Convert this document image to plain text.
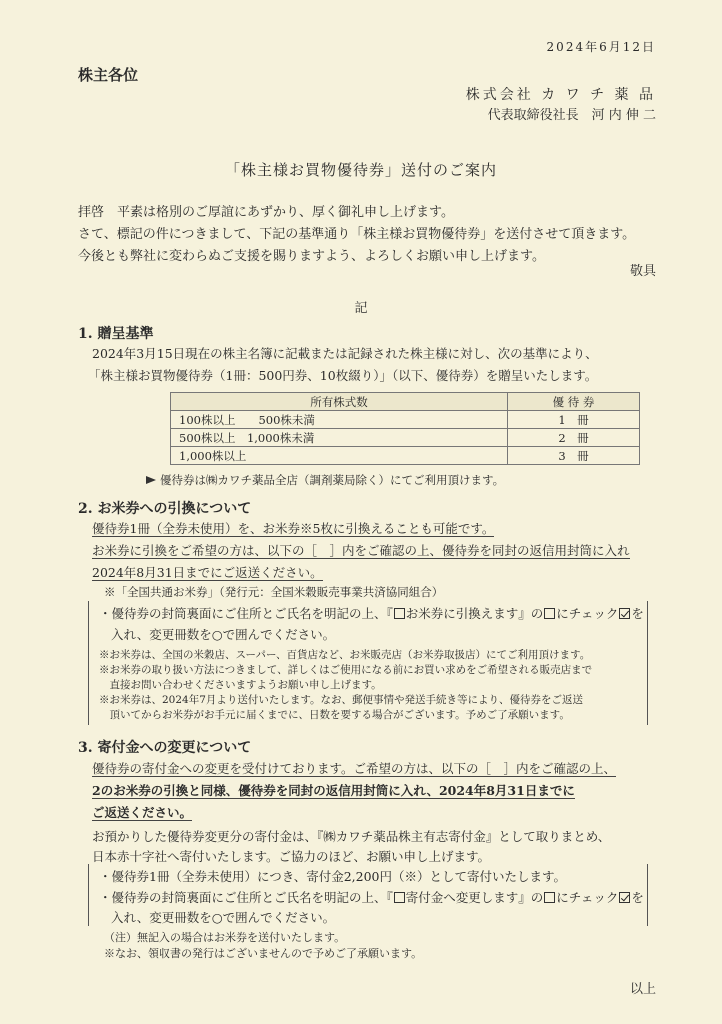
2024年6月12日
株主各位
株式会社 カ ワ チ 薬 品
代表取締役社長　河 内 伸 二
「株主様お買物優待券」送付のご案内
拝啓　平素は格別のご厚誼にあずかり、厚く御礼申し上げます。
さて、標記の件につきまして、下記の基準通り「株主様お買物優待券」を送付させて頂きます。
今後とも弊社に変わらぬご支援を賜りますよう、よろしくお願い申し上げます。
敬具
記
1. 贈呈基準
2024年3月15日現在の株主名簿に記載または記録された株主様に対し、次の基準により、
「株主様お買物優待券（1冊：500円券、10枚綴り）」（以下、優待券）を贈呈いたします。
所有株式数	優 待 券
100株以上　　500株未満	1　冊
500株以上　1,000株未満	2　冊
1,000株以上	3　冊
優待券は㈱カワチ薬品全店（調剤薬局除く）にてご利用頂けます。
2. お米券への引換について
優待券1冊（全券未使用）を、お米券※5枚に引換えることも可能です。
お米券に引換をご希望の方は、以下の［　］内をご確認の上、優待券を同封の返信用封筒に入れ
2024年8月31日までにご返送ください。
※「全国共通お米券」（発行元：全国米穀販売事業共済協同組合）
・優待券の封筒裏面にご住所とご氏名を明記の上、『 お米券に引換えます』の にチェック を
入れ、変更冊数を○で囲んでください。
※お米券は、全国の米穀店、スーパー、百貨店など、お米販売店（お米券取扱店）にてご利用頂けます。
※お米券の取り扱い方法につきまして、詳しくはご使用になる前にお買い求めをご希望される販売店まで
　直接お問い合わせくださいますようお願い申し上げます。
※お米券は、2024年7月より送付いたします。なお、郵便事情や発送手続き等により、優待券をご返送
　頂いてからお米券がお手元に届くまでに、日数を要する場合がございます。予めご了承願います。
3. 寄付金への変更について
優待券の寄付金への変更を受付けております。ご希望の方は、以下の［　］内をご確認の上、
2のお米券の引換と同様、優待券を同封の返信用封筒に入れ、2024年8月31日までに
ご返送ください。
お預かりした優待券変更分の寄付金は、『㈱カワチ薬品株主有志寄付金』として取りまとめ、
日本赤十字社へ寄付いたします。ご協力のほど、お願い申し上げます。
・優待券1冊（全券未使用）につき、寄付金2,200円（※）として寄付いたします。
・優待券の封筒裏面にご住所とご氏名を明記の上、『 寄付金へ変更します』の にチェック を
入れ、変更冊数を○で囲んでください。
（注）無記入の場合はお米券を送付いたします。
※なお、領収書の発行はございませんので予めご了承願います。
以上
